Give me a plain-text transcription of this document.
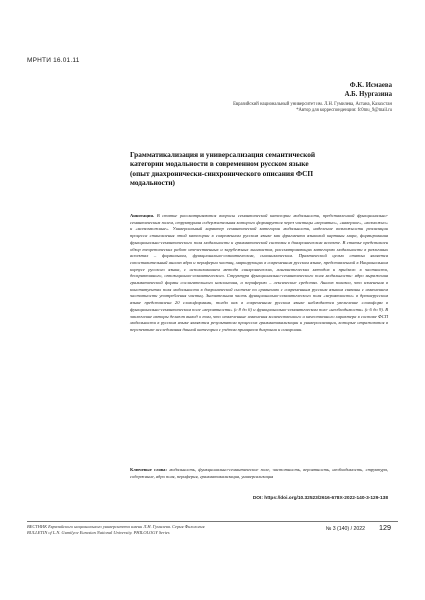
МРНТИ 16.01.11
Ф.К. Исмаева
А.Б. Нургазина
Евразийский национальный университет им. Л.Н. Гумилева, Астана, Казахстан
*Автор для корреспонденции: fc0mu_9@mail.ru
Грамматикализация и универсализация семантической
категории модальности в современном русском языке
(опыт диахронически-синхронического описания ФСП
модальности)
Аннотация. В статье рассматриваются вопросы семантической категории модальности, представленной функционально-семантическим полем, структурная содержательная которого формируется через частицы «вероятно», «наверное», «возможно» и «всевозможные». Универсальный характер семантической категории модальности, наделение возможности реализации процесса становления этой категории в современном русском языке как фрагмента языковой картины мира, формирования функционально-семантического поля модальности и грамматической системы в диахроническом аспекте. В статье представлен обзор теоретических работ отечественных и зарубежных лингвистов, рассматривающих категорию модальности в различных аспектах – формальном, функционально-семантическом, синонимическом. Практической целью статьи является сопоставительный анализ ядра и периферии частиц, маркирующих в современном русском языке, представленной в Национальном корпусе русского языка, с использованием метода синхронических, лингвистических методов и приёмов: в частности, дескриптивного, оппозиционно-семантического. Структура функционально-семантического поля модальности: ядро выражения грамматической формы сослагательного наклонения, а периферию – лексические средства. Анализ показал, что изменения в конституентах поля модальности в дихронической системе по сравнению с современным русским языком связаны с изменением частотности употребления частиц. Значительная часть функционально-семантического поля «вероятности» в древнерусском языке представлена 20 словоформами, тогда как в современном русском языке наблюдается увеличение словоформ в функционально-семантическом поле «вероятности» (с 8 до 6) и функционально-семантическом поле «необходимости» (с 6 до 9). В заключение авторы делают вывод о том, что отмеченные изменения количественного и качественного характера в составе ФСП модальности в русском языке являются результатом процессов грамматикализации и универсализации, которые отражаются в перспективе исследования данной категории с учётом принципов дихронии и синхронии.
Ключевые слова: модальность, функционально-семантическое поле, частотность, вероятность, необходимость, структура, содержание, ядро поля, периферия, грамматикализация, универсализация
DOI: https://doi.org/10.32523/2616-678X-2022-140-3-129-138
ВЕСТНИК Евразийского национального университета имени Л.Н. Гумилева. Серия Филология
BULLETIN of L.N. Gumilyov Eurasian National University. PHILOLOGY Series
№ 3 (140) / 2022 129
